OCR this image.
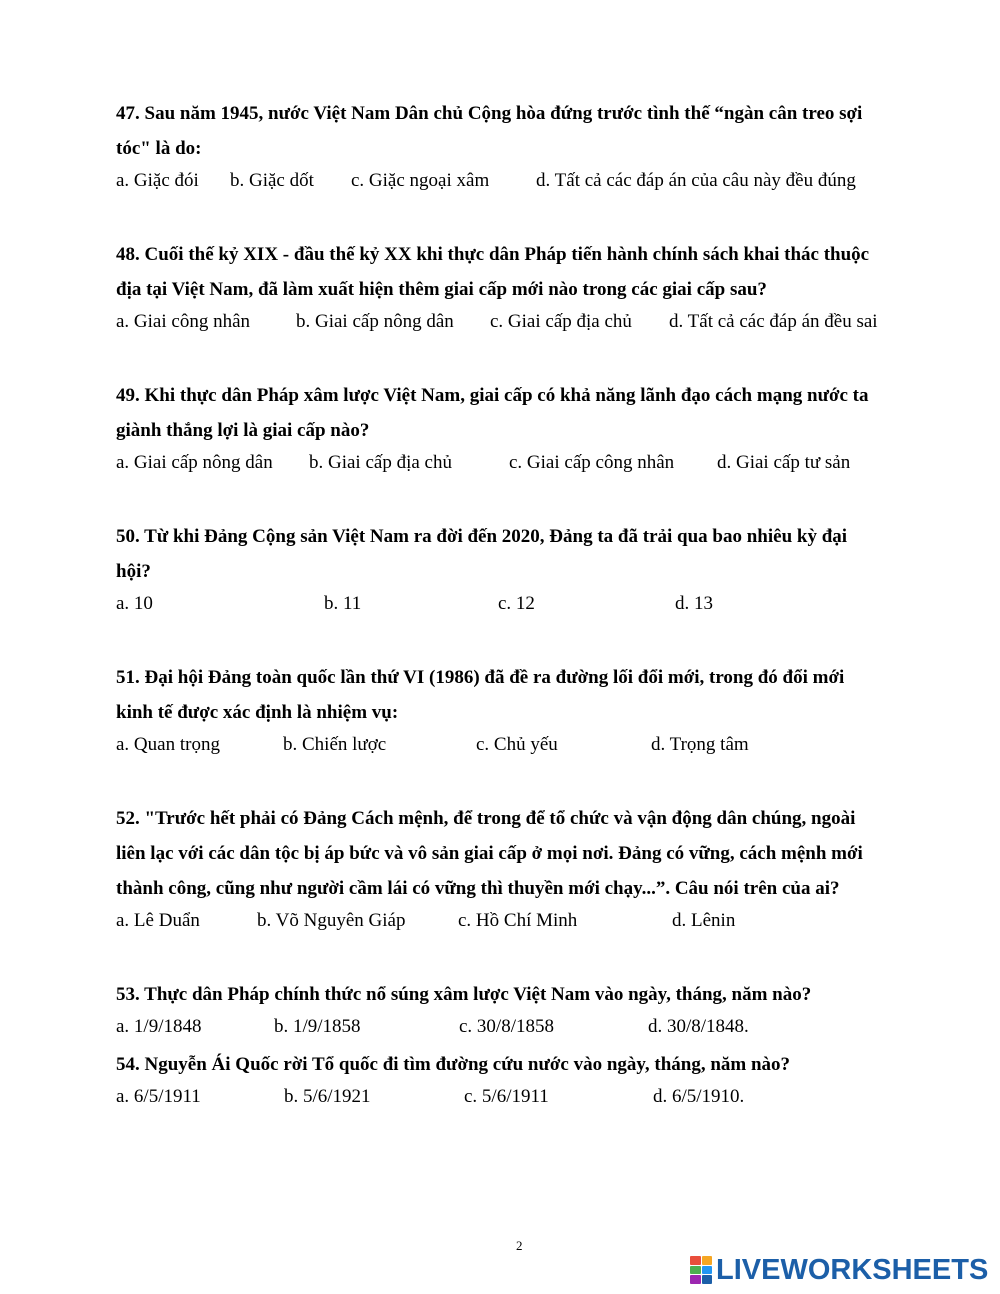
47. Sau năm 1945, nước Việt Nam Dân chủ Cộng hòa đứng trước tình thế “ngàn cân treo sợi

tóc" là do:

a. Giặc đói b. Giặc dốt c. Giặc ngoại xâm d. Tất cả các đáp án của câu này đều đúng

48. Cuối thế kỷ XIX - đầu thế kỷ XX khi thực dân Pháp tiến hành chính sách khai thác thuộc

địa tại Việt Nam, đã làm xuất hiện thêm giai cấp mới nào trong các giai cấp sau?

a. Giai công nhân b. Giai cấp nông dân c. Giai cấp địa chủ d. Tất cả các đáp án đều sai

49. Khi thực dân Pháp xâm lược Việt Nam, giai cấp có khả năng lãnh đạo cách mạng nước ta

giành thắng lợi là giai cấp nào?

a. Giai cấp nông dân b. Giai cấp địa chủ	c. Giai cấp công nhân d. Giai cấp tư sản

50. Từ khi Đảng Cộng sản Việt Nam ra đời đến 2020, Đảng ta đã trải qua bao nhiêu kỳ đại

hội?

a. 10	b. 11	c. 12	d. 13

51. Đại hội Đảng toàn quốc lần thứ VI (1986) đã đề ra đường lối đổi mới, trong đó đổi mới

kinh tế được xác định là nhiệm vụ:

a. Quan trọng	b. Chiến lược	c. Chủ yếu	d. Trọng tâm

52. "Trước hết phải có Đảng Cách mệnh, để trong để tổ chức và vận động dân chúng, ngoài

liên lạc với các dân tộc bị áp bức và vô sản giai cấp ở mọi nơi. Đảng có vững, cách mệnh mới

thành công, cũng như người cầm lái có vững thì thuyền mới chạy...”. Câu nói trên của ai?

a. Lê Duẩn	b. Võ Nguyên Giáp	c. Hồ Chí Minh	d. Lênin

53. Thực dân Pháp chính thức nổ súng xâm lược Việt Nam vào ngày, tháng, năm nào?

a. 1/9/1848	b. 1/9/1858	c. 30/8/1858	d. 30/8/1848.

54. Nguyễn Ái Quốc rời Tổ quốc đi tìm đường cứu nước vào ngày, tháng, năm nào?

a. 6/5/1911	b. 5/6/1921	c. 5/6/1911	d. 6/5/1910.
2
LIVEWORKSHEETS
